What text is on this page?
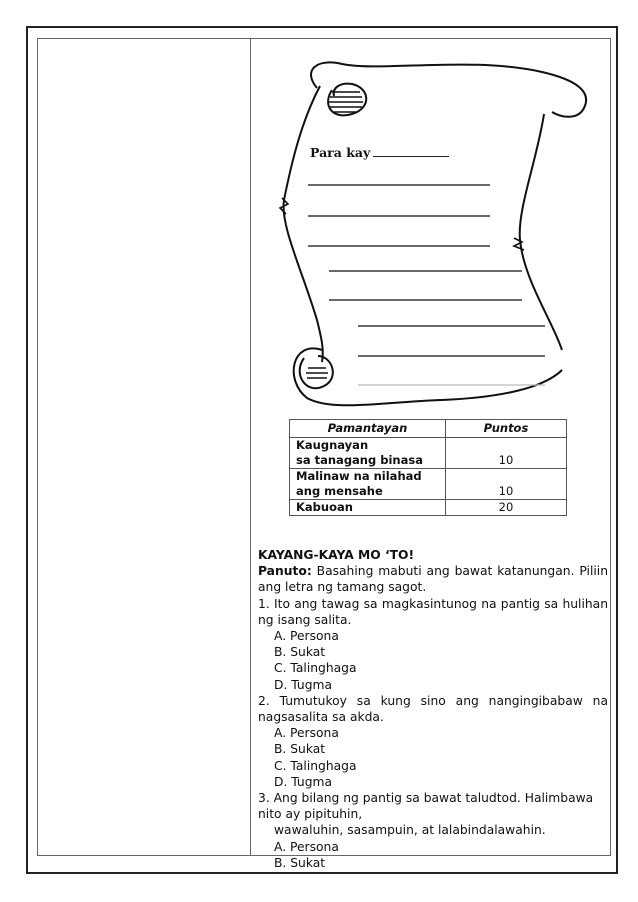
Para kay
Pamantayan	Puntos
Kaugnayan
sa tanagang binasa	10
Malinaw na nilahad
ang mensahe	10
Kabuoan	20

KAYANG-KAYA MO ‘TO!

Panuto: Basahing mabuti ang bawat katanungan. Piliin ang letra ng tamang sagot.

1. Ito ang tawag sa magkasintunog na pantig sa hulihan ng isang salita.

A. Persona

B. Sukat

C. Talinghaga

D. Tugma

2. Tumutukoy sa kung sino ang nangingibabaw na nagsasalita sa akda.

A. Persona

B. Sukat

C. Talinghaga

D. Tugma

3. Ang bilang ng pantig sa bawat taludtod. Halimbawa nito ay pipituhin,

wawaluhin, sasampuin, at lalabindalawahin.

A. Persona

B. Sukat
